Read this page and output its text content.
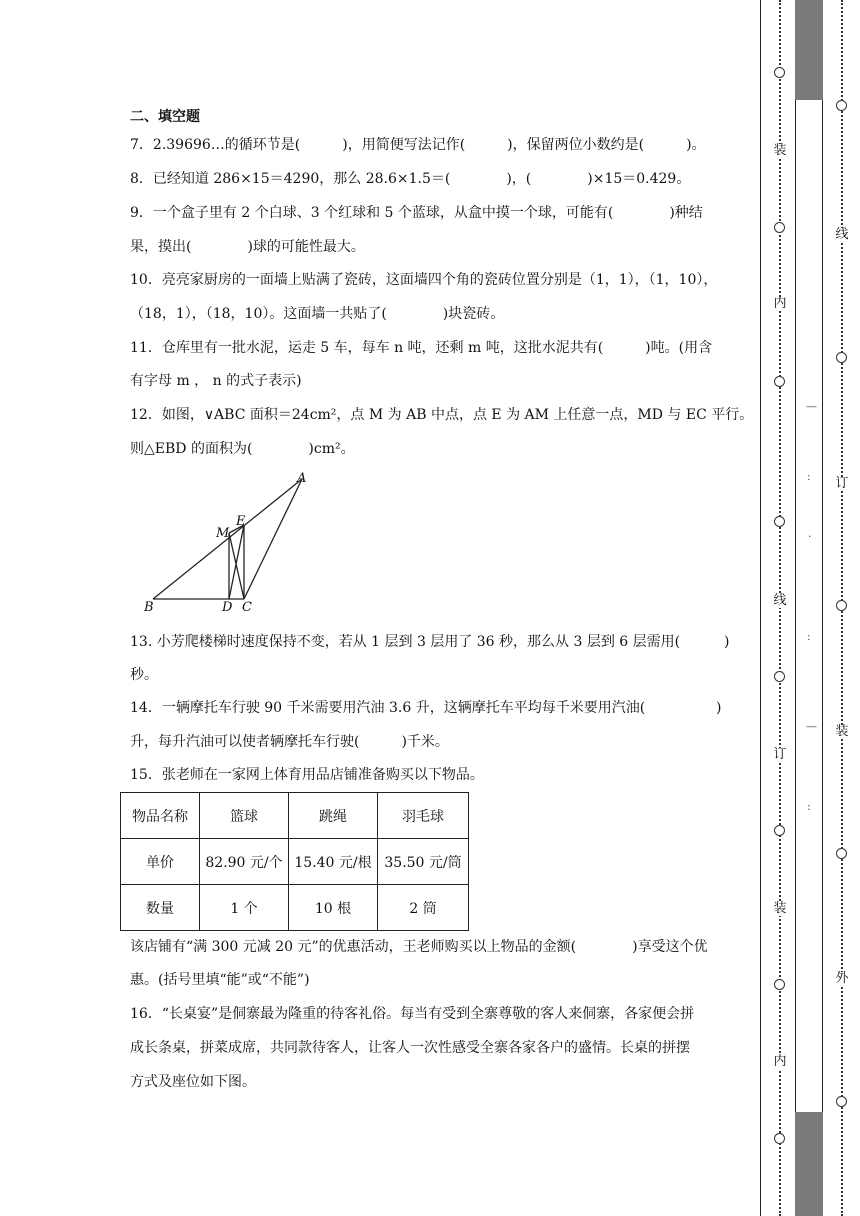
二、填空题
7．2.39696…的循环节是(　　　)，用简便写法记作(　　　)，保留两位小数约是(　　　)。
8．已经知道 286×15＝4290，那么 28.6×1.5＝(　　　　)，(　　　　)×15＝0.429。
9．一个盒子里有 2 个白球、3 个红球和 5 个蓝球，从盒中摸一个球，可能有(　　　　)种结
果，摸出(　　　　)球的可能性最大。
10．亮亮家厨房的一面墙上贴满了瓷砖，这面墙四个角的瓷砖位置分别是（1，1），（1，10），
（18，1），（18，10）。这面墙一共贴了(　　　　)块瓷砖。
11．仓库里有一批水泥，运走 5 车，每车 n 吨，还剩 m 吨，这批水泥共有(　　　)吨。(用含
有字母 m ， n 的式子表示)
12．如图，∨ABC 面积＝24cm²，点 M 为 AB 中点，点 E 为 AM 上任意一点，MD 与 EC 平行。
则△EBD 的面积为(　　　　)cm²。
A
B	D C
E
M
13. 小芳爬楼梯时速度保持不变，若从 1 层到 3 层用了 36 秒，那么从 3 层到 6 层需用(	)
秒。
14．一辆摩托车行驶 90 千米需要用汽油 3.6 升，这辆摩托车平均每千米要用汽油(	)
升，每升汽油可以使者辆摩托车行驶(　　　)千米。
15．张老师在一家网上体育用品店铺准备购买以下物品。
物品名称	篮球	跳绳	羽毛球
单价	82.90 元/个	15.40 元/根	35.50 元/筒
数量	1 个	10 根	2 筒
该店铺有“满 300 元减 20 元”的优惠活动，王老师购买以上物品的金额(　　　　)享受这个优
惠。(括号里填“能”或“不能”)
16．“长桌宴”是侗寨最为隆重的待客礼俗。每当有受到全寨尊敬的客人来侗寨，各家便会拼
成长条桌，拼菜成席，共同款待客人，让客人一次性感受全寨各家各户的盛情。长桌的拼摆
方式及座位如下图。
装
内
线
订
装
内
—
:
·
:
—
:
线
订
装
外
